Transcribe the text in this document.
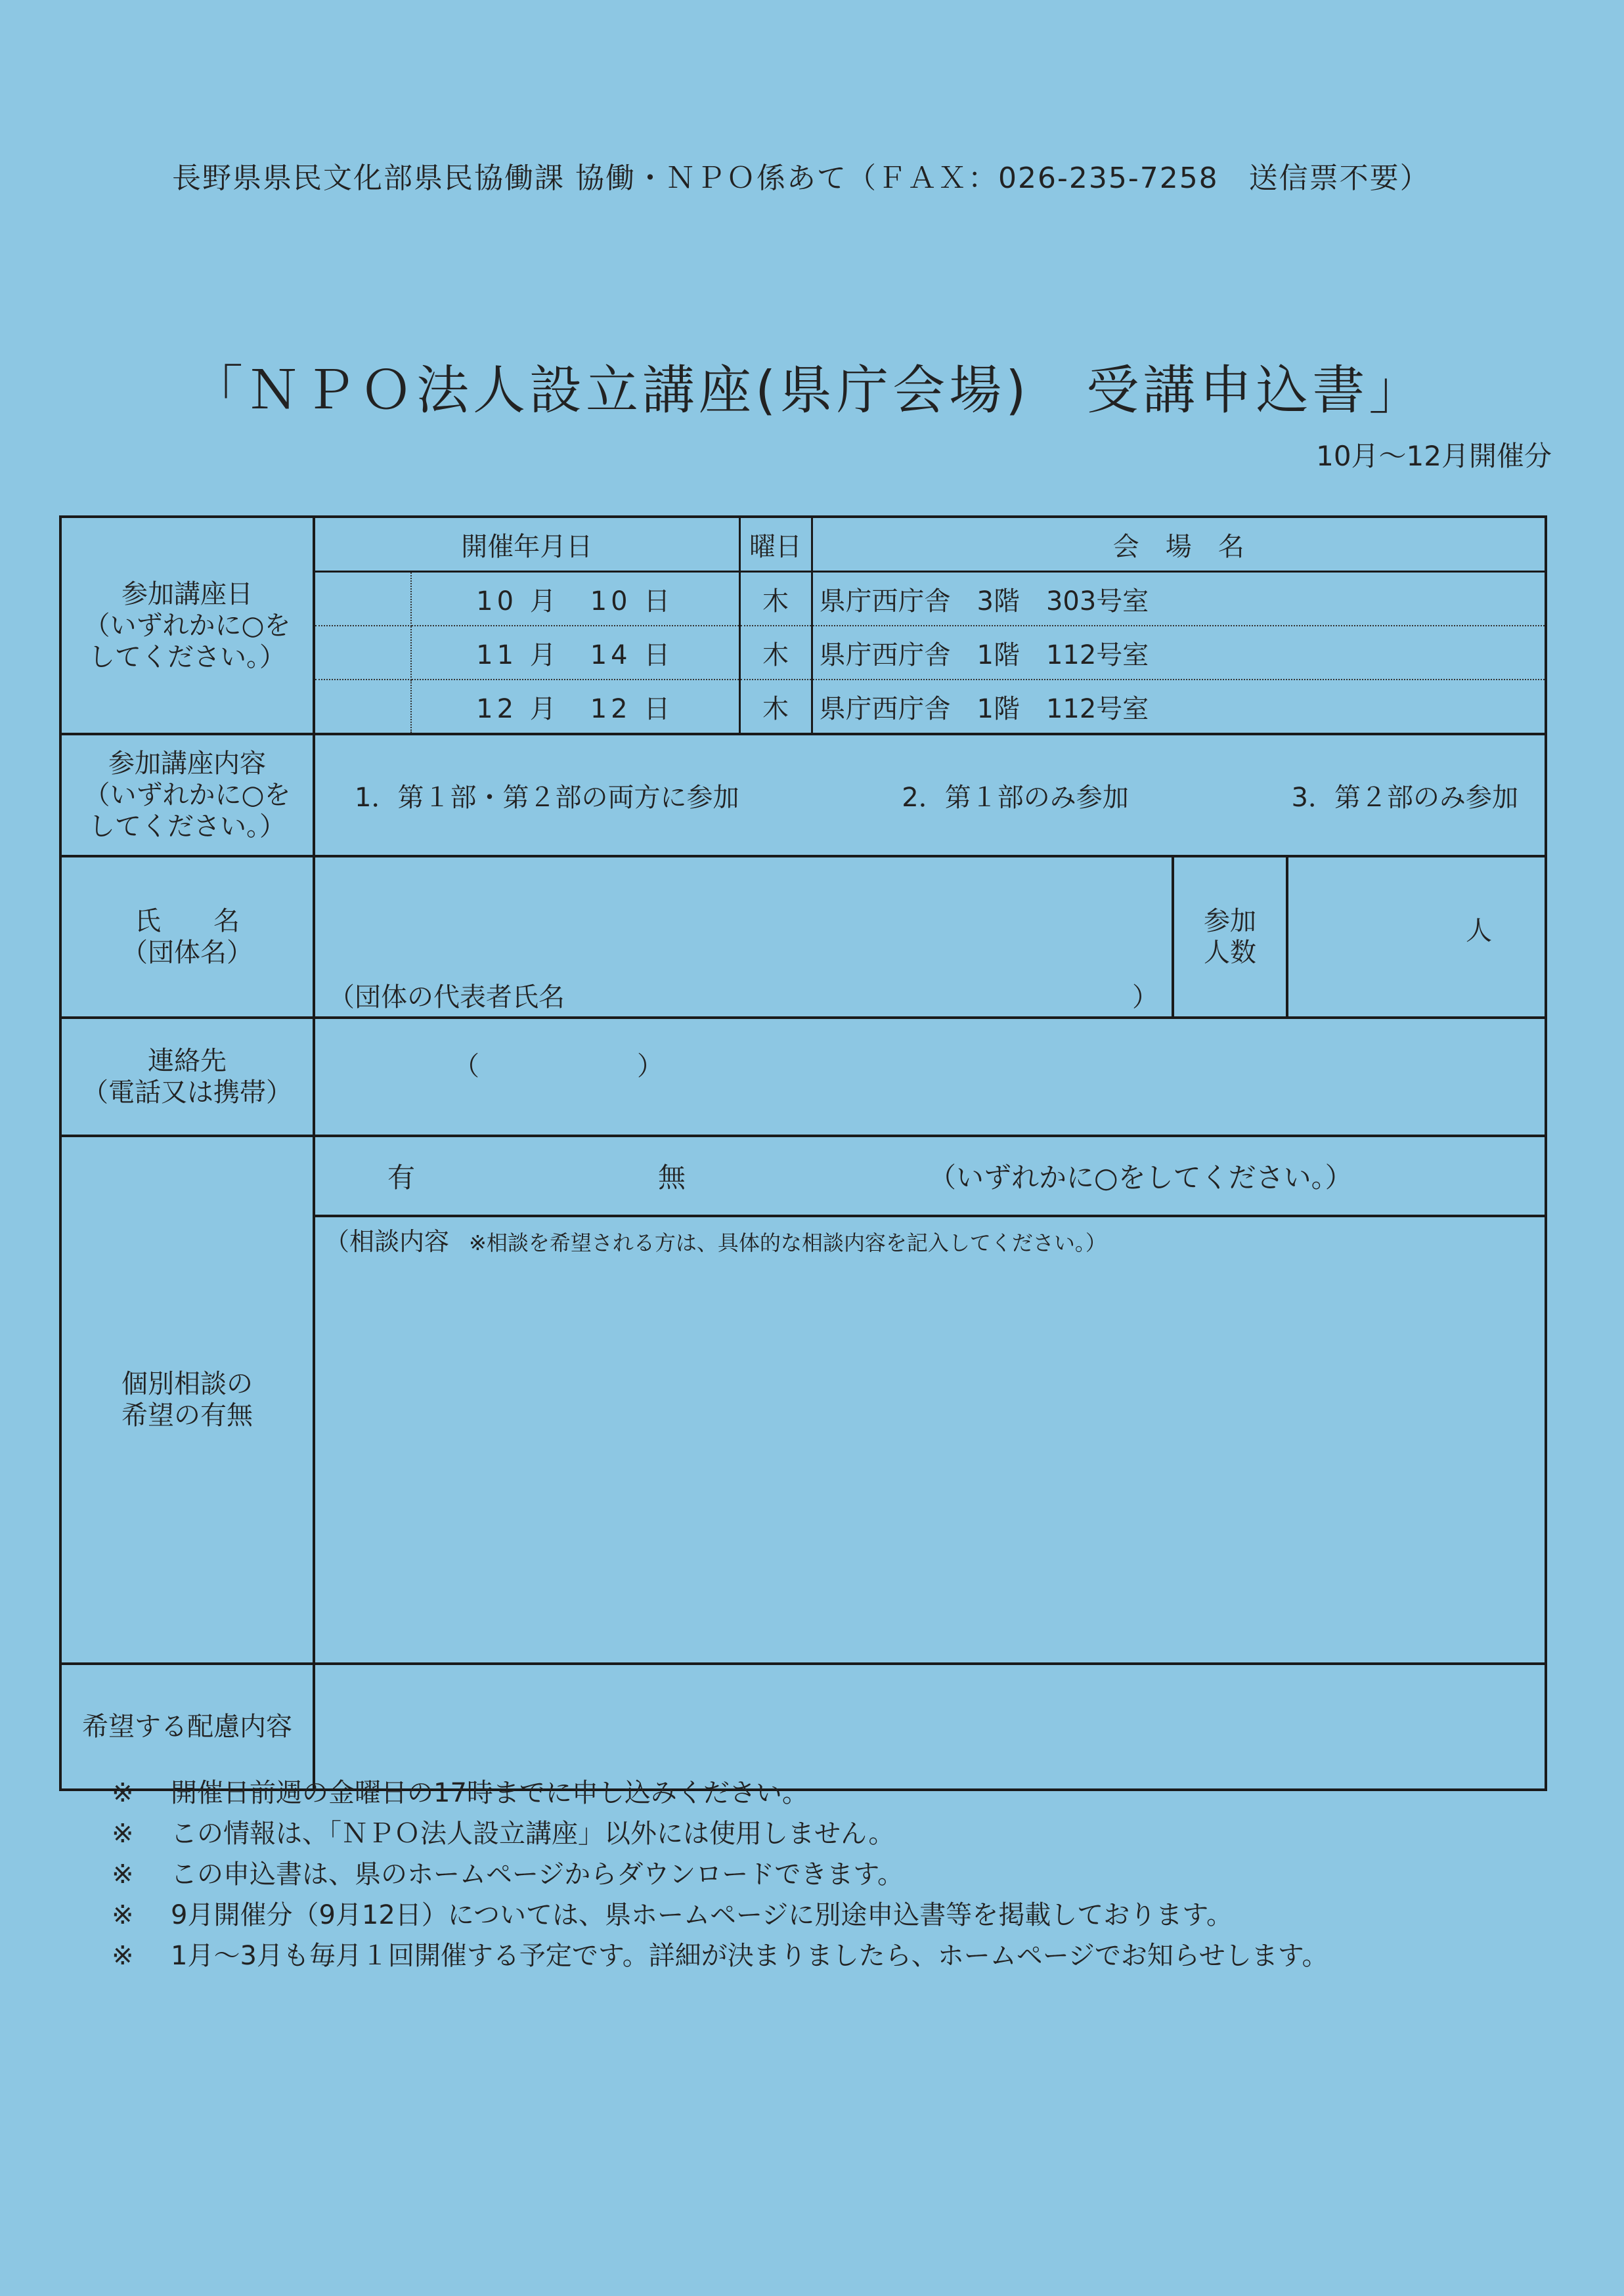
長野県県民文化部県民協働課 協働・ＮＰＯ係あて（ＦＡＸ：026-235-7258　送信票不要）
「ＮＰＯ法人設立講座(県庁会場)　受講申込書」
10月～12月開催分
参加講座日
（いずれかに○を
してください。）

開催年月日	曜日	会　場　名
	10 月　10 日	木	県庁西庁舎　3階　303号室
	11 月　14 日	木	県庁西庁舎　1階　112号室
	12 月　12 日	木	県庁西庁舎　1階　112号室

参加講座内容
（いずれかに○を
してください。）

1．第１部・第２部の両方に参加	2．第１部のみ参加	3．第２部のみ参加

氏　　名
（団体名）

（団体の代表者氏名	）
参加
人数
人

連絡先
（電話又は携帯）
	（　　　　　　）

個別相談の
希望の有無

有	無	（いずれかに○をしてください。）
（相談内容 ※相談を希望される方は、具体的な相談内容を記入してください。）

希望する配慮内容	
※	開催日前週の金曜日の17時までに申し込みください。
※	この情報は、「ＮＰＯ法人設立講座」以外には使用しません。
※	この申込書は、県のホームページからダウンロードできます。
※	9月開催分（9月12日）については、県ホームページに別途申込書等を掲載しております。
※	1月～3月も毎月１回開催する予定です。詳細が決まりましたら、ホームページでお知らせします。
